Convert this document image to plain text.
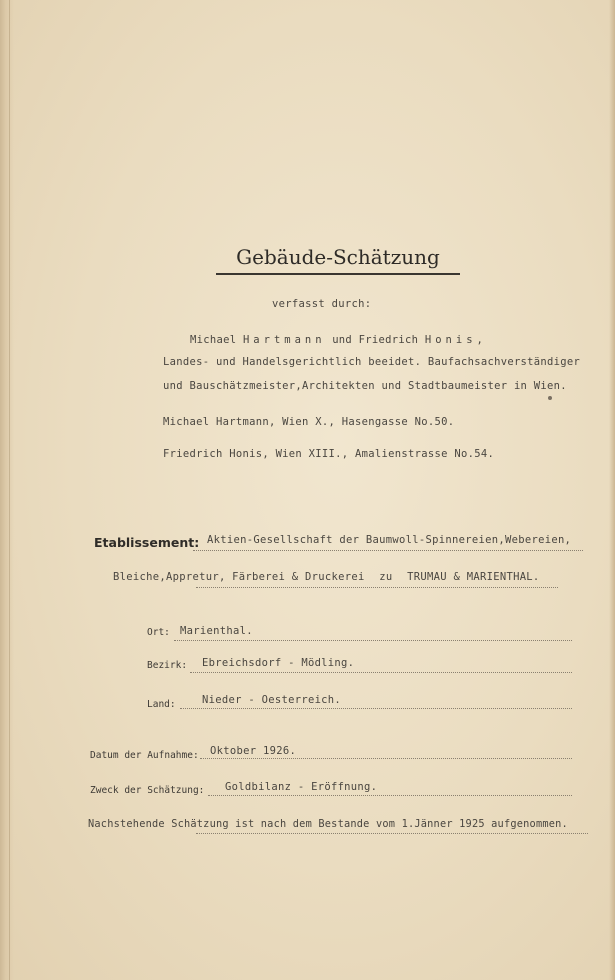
Gebäude-Schätzung
verfasst durch:
Michael Hartmann und Friedrich Honis,
Landes- und Handelsgerichtlich beeidet. Baufachsachverständiger
und Bauschätzmeister,Architekten und Stadtbaumeister in Wien.
Michael Hartmann, Wien X., Hasengasse No.50.
Friedrich Honis, Wien XIII., Amalienstrasse No.54.
Etablissement: Aktien-Gesellschaft der Baumwoll-Spinnereien,Webereien,
Bleiche,Appretur, Färberei & Druckerei zu TRUMAU & MARIENTHAL.
Ort: Marienthal.
Bezirk: Ebreichsdorf - Mödling.
Land:	Nieder - Oesterreich.
Datum der Aufnahme: Oktober 1926.
Zweck der Schätzung: Goldbilanz - Eröffnung.
Nachstehende Schätzung ist nach dem Bestande vom 1.Jänner 1925 aufgenommen.
